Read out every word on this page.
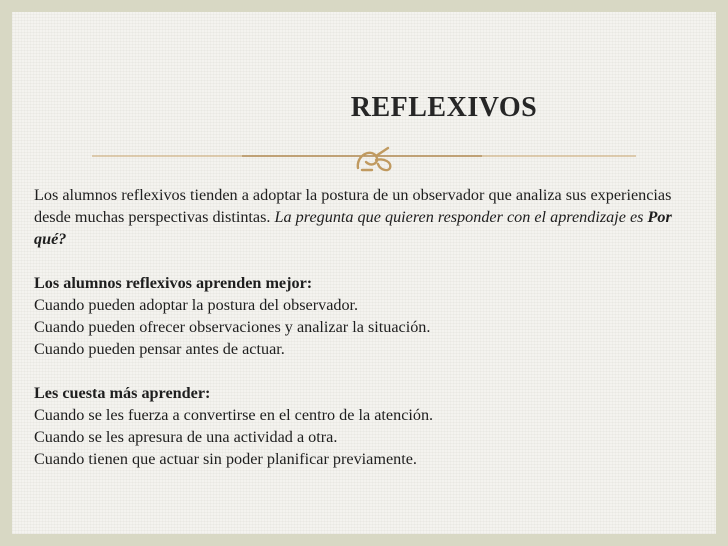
REFLEXIVOS

Los alumnos reflexivos tienden a adoptar la postura de un observador que analiza sus experiencias desde muchas perspectivas distintas. La pregunta que quieren responder con el aprendizaje es Por qué?

Los alumnos reflexivos aprenden mejor:

Cuando pueden adoptar la postura del observador.

Cuando pueden ofrecer observaciones y analizar la situación.

Cuando pueden pensar antes de actuar.

Les cuesta más aprender:

Cuando se les fuerza a convertirse en el centro de la atención.

Cuando se les apresura de una actividad a otra.

Cuando tienen que actuar sin poder planificar previamente.
